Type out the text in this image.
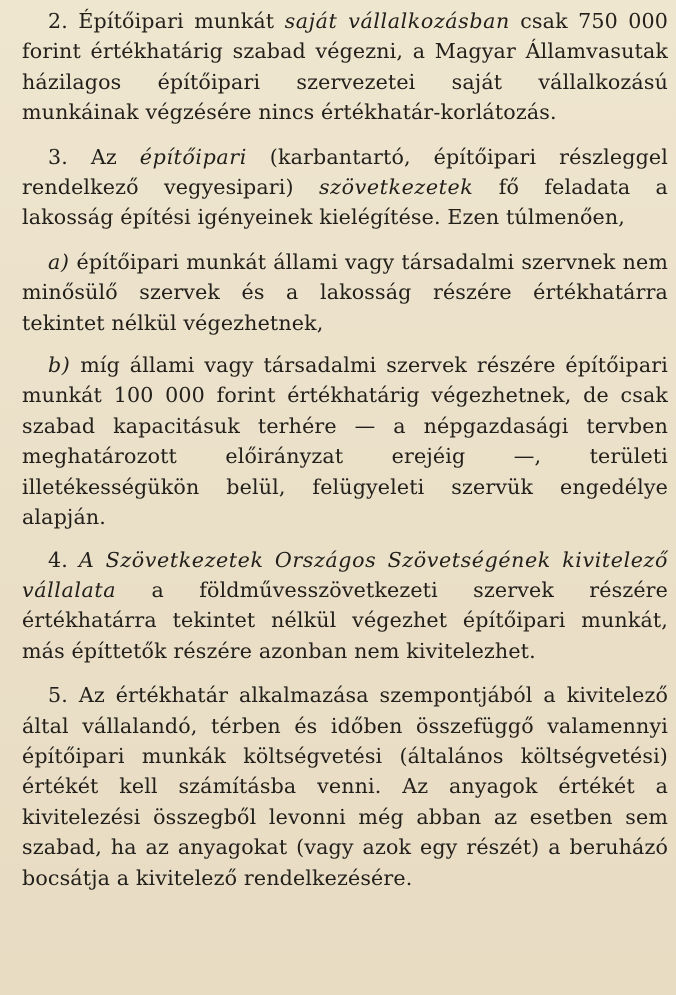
2. Építőipari munkát saját vállalkozásban csak 750 000 forint értékhatárig szabad végezni, a Magyar Államvasutak házilagos építőipari szervezetei saját vállalkozású munkáinak végzésére nincs értékhatár-korlátozás.

3. Az építőipari (karbantartó, építőipari részleggel rendelkező vegyesipari) szövetkezetek fő feladata a lakosság építési igényeinek kielégítése. Ezen túlmenően,

a) építőipari munkát állami vagy társadalmi szervnek nem minősülő szervek és a lakosság részére értékhatárra tekintet nélkül végezhetnek,

b) míg állami vagy társadalmi szervek részére építőipari munkát 100 000 forint értékhatárig végezhetnek, de csak szabad kapacitásuk terhére — a népgazdasági tervben meghatározott előirányzat erejéig —, területi illetékességükön belül, felügyeleti szervük engedélye alapján.

4. A Szövetkezetek Országos Szövetségének kivitelező vállalata a földművesszövetkezeti szervek részére értékhatárra tekintet nélkül végezhet építőipari munkát, más építtetők részére azonban nem kivitelezhet.

5. Az értékhatár alkalmazása szempontjából a kivitelező által vállalandó, térben és időben összefüggő valamennyi építőipari munkák költségvetési (általános költségvetési) értékét kell számításba venni. Az anyagok értékét a kivitelezési összegből levonni még abban az esetben sem szabad, ha az anyagokat (vagy azok egy részét) a beruházó bocsátja a kivitelező rendelkezésére.
